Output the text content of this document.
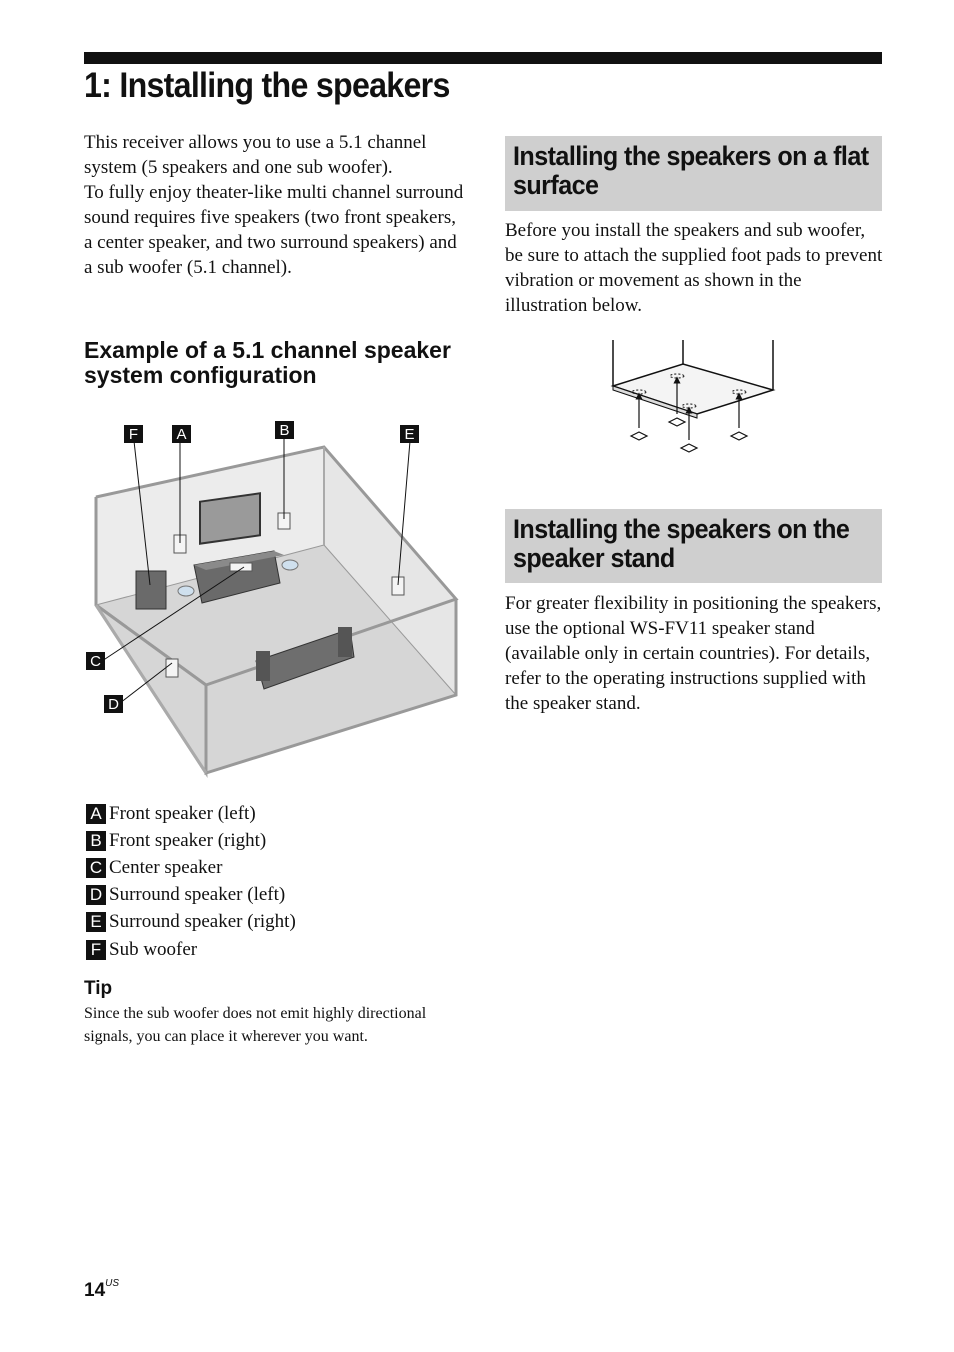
1: Installing the speakers
This receiver allows you to use a 5.1 channel system (5 speakers and one sub woofer).
To fully enjoy theater-like multi channel surround sound requires five speakers (two front speakers, a center speaker, and two surround speakers) and a sub woofer (5.1 channel).
Example of a 5.1 channel speaker system configuration
F	A	B	E
C
D
A Front speaker (left)
B Front speaker (right)
C Center speaker
D Surround speaker (left)
E Surround speaker (right)
F Sub woofer
Tip

Since the sub woofer does not emit highly directional signals, you can place it wherever you want.

Installing the speakers on a flat surface

Before you install the speakers and sub woofer, be sure to attach the supplied foot pads to prevent vibration or movement as shown in the illustration below.

Installing the speakers on the speaker stand

For greater flexibility in positioning the speakers, use the optional WS-FV11 speaker stand (available only in certain countries). For details, refer to the operating instructions supplied with the speaker stand.

$14^{US}$
